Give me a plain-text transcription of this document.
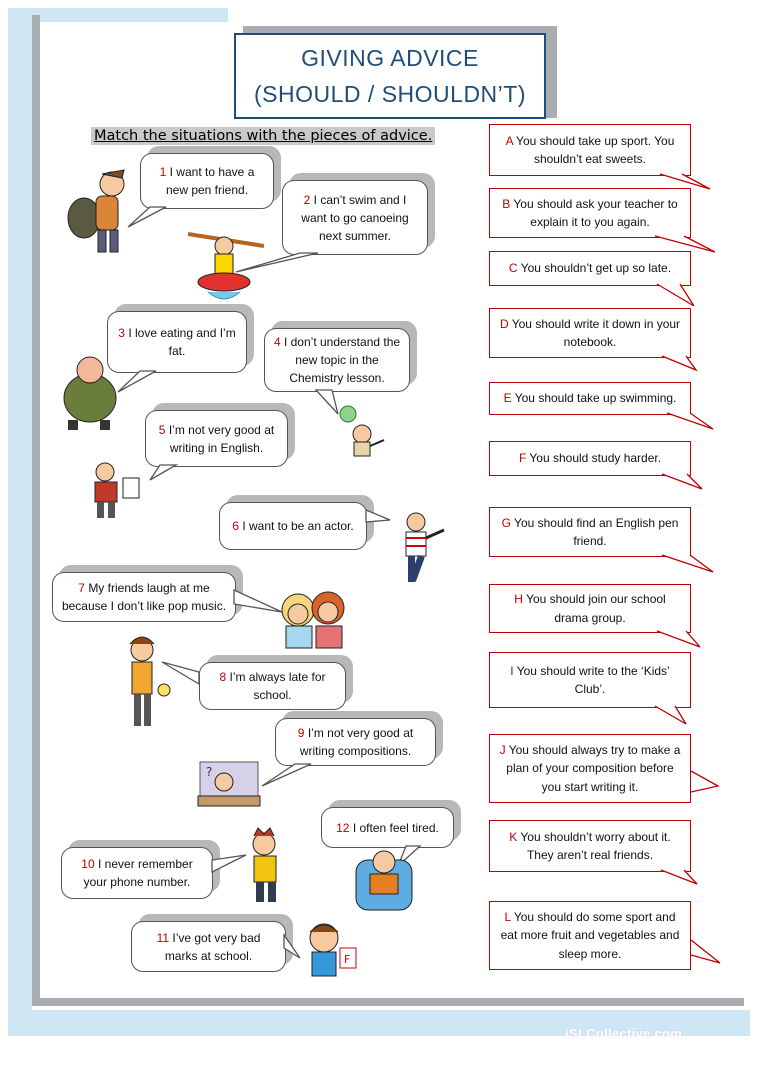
GIVING ADVICE
(SHOULD / SHOULDN’T)
Match the situations with the pieces of advice.
1 I want to have a new pen friend.
2 I can’t swim and I want to go canoeing next summer.
3 I love eating and I’m fat.
4 I don’t understand the new topic in the Chemistry lesson.
5 I’m not very good at writing in English.
6 I want to be an actor.
7 My friends laugh at me because I don’t like pop music.
8 I’m always late for school.
9 I’m not very good at writing compositions.
10 I never remember your phone number.
11 I’ve got very bad marks at school.
12 I often feel tired.
A You should take up sport. You shouldn’t eat sweets.
B You should ask your teacher to explain it to you again.
C You shouldn’t get up so late.
D You should write it down in your notebook.
E You should take up swimming.
F You should study harder.
G You should find an English pen friend.
H You should join our school drama group.
I You should write to the ‘Kids’ Club’.
J You should always try to make a plan of your composition before you start writing it.
K You shouldn’t worry about it. They aren’t real friends.
L You should do some sport and eat more fruit and vegetables and sleep more.
?
F
iSLCollective.com
